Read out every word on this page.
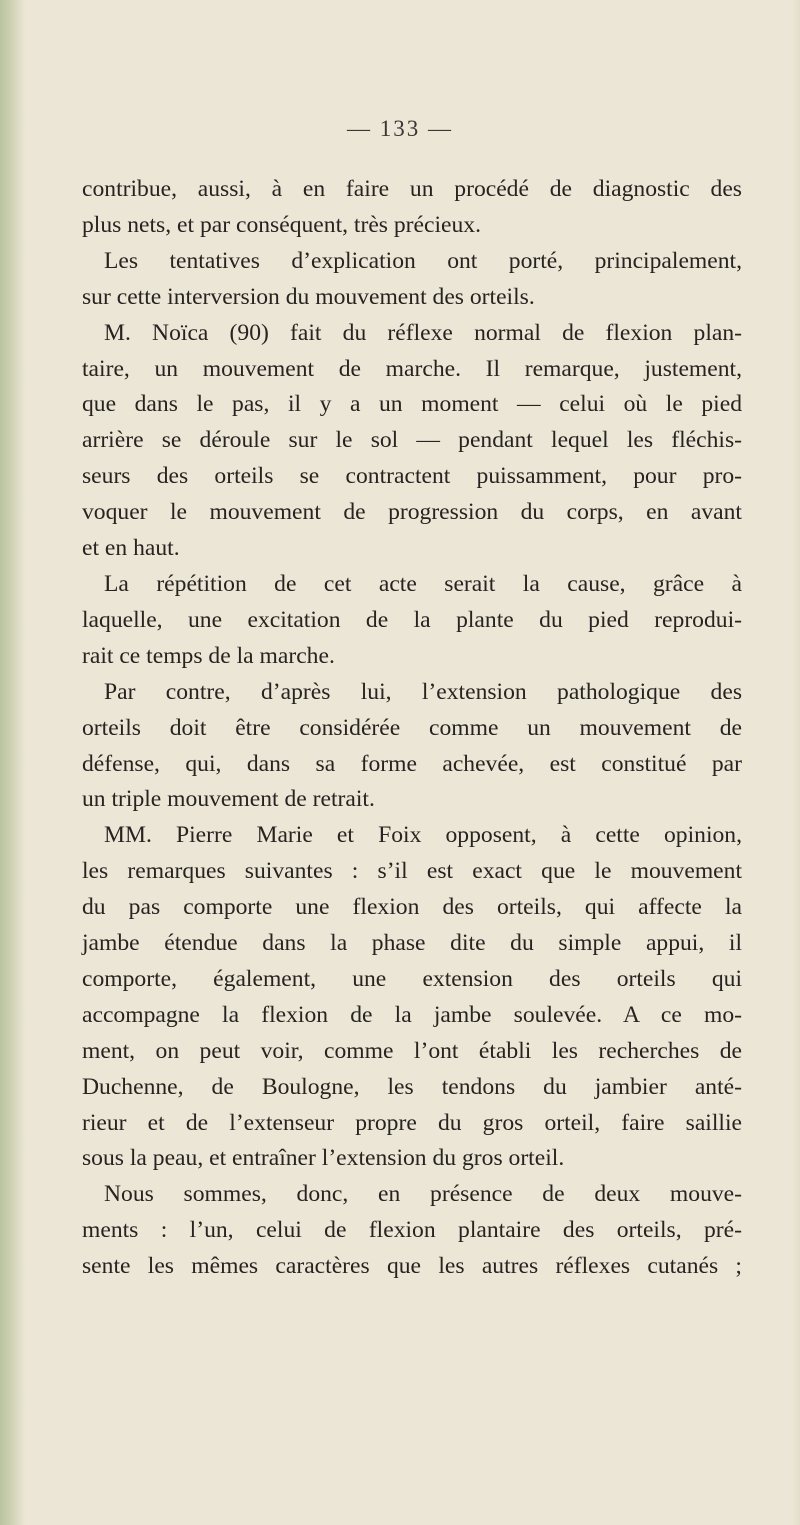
— 133 —
contribue, aussi, à en faire un procédé de diagnostic des
plus nets, et par conséquent, très précieux.
Les tentatives d’explication ont porté, principalement,
sur cette interversion du mouvement des orteils.
M. Noïca (90) fait du réflexe normal de flexion plan-
taire, un mouvement de marche. Il remarque, justement,
que dans le pas, il y a un moment — celui où le pied
arrière se déroule sur le sol — pendant lequel les fléchis-
seurs des orteils se contractent puissamment, pour pro-
voquer le mouvement de progression du corps, en avant
et en haut.
La répétition de cet acte serait la cause, grâce à
laquelle, une excitation de la plante du pied reprodui-
rait ce temps de la marche.
Par contre, d’après lui, l’extension pathologique des
orteils doit être considérée comme un mouvement de
défense, qui, dans sa forme achevée, est constitué par
un triple mouvement de retrait.
MM. Pierre Marie et Foix opposent, à cette opinion,
les remarques suivantes : s’il est exact que le mouvement
du pas comporte une flexion des orteils, qui affecte la
jambe étendue dans la phase dite du simple appui, il
comporte, également, une extension des orteils qui
accompagne la flexion de la jambe soulevée. A ce mo-
ment, on peut voir, comme l’ont établi les recherches de
Duchenne, de Boulogne, les tendons du jambier anté-
rieur et de l’extenseur propre du gros orteil, faire saillie
sous la peau, et entraîner l’extension du gros orteil.
Nous sommes, donc, en présence de deux mouve-
ments : l’un, celui de flexion plantaire des orteils, pré-
sente les mêmes caractères que les autres réflexes cutanés ;
